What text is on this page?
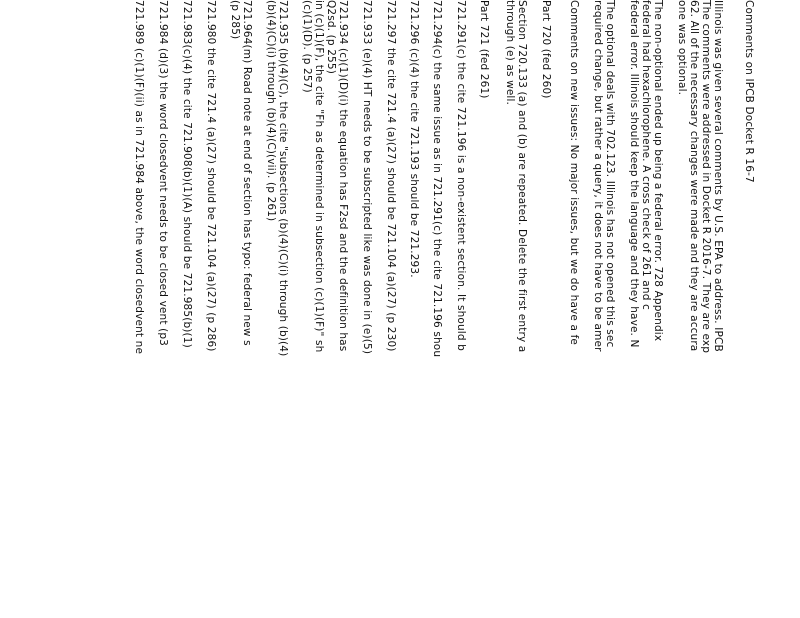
Comments on IPCB Docket R 16-7
Illinois was given several comments by U.S. EPA to address. IPCB
The comments were addressed in Docket R 2016-7. They are exp
62. All of the necessary changes were made and they are accura
one was optional.
The non-optional ended up being a federal error. 728 Appendix
federal had hexachlorophene. A cross check of 261 and c
federal error. Illinois should keep the language and they have. N
The optional deals with 702.123. Illinois has not opened this sec
required change, but rather a query, it does not have to be amer
Comments on new issues: No major issues, but we do have a fe
Part 720 (fed 260)
Section 720.133 (a) and (b) are repeated. Delete the first entry a
through (e) as well.
Part 721 (fed 261)
721.291(c) the cite 721.196 is a non-existent section. It should b
721.294(c) the same issue as in 721.291(c) the cite 721.196 shou
721.296 (c)(4) the cite 721.193 should be 721.293.
721.297 the cite 721.4 (a)(27) should be 721.104 (a)(27) (p 230)
721.933 (e)(4) HT needs to be subscripted like was done in (e)(5)
721.934 (c)(1)(D)(i) the equation has F2sd and the definition has
Q2sd. (p 255)
in (c)(1)(F), the cite "Fh as determined in subsection (c)(1)(F)" sh
(c)(1)(D). (p 257)
721.935 (b)(4)(C), the cite "subsections (b)(4)(C)(i) through (b)(4)
(b)(4)(C)(i) through (b)(4)(C)(vii). (p 261)
721.964(m) Road note at end of section has typo: federal new s
(p 285)
721.980 the cite 721.4 (a)(27) should be 721.104 (a)(27) (p 286)
721.983(c)(4) the cite 721.908(b)(1)(A) should be 721.985(b)(1)
721.984 (d)(3) the word closedvent needs to be closed vent (p3
721.989 (c)(1)(F)(ii) as in 721.984 above, the word closedvent ne
